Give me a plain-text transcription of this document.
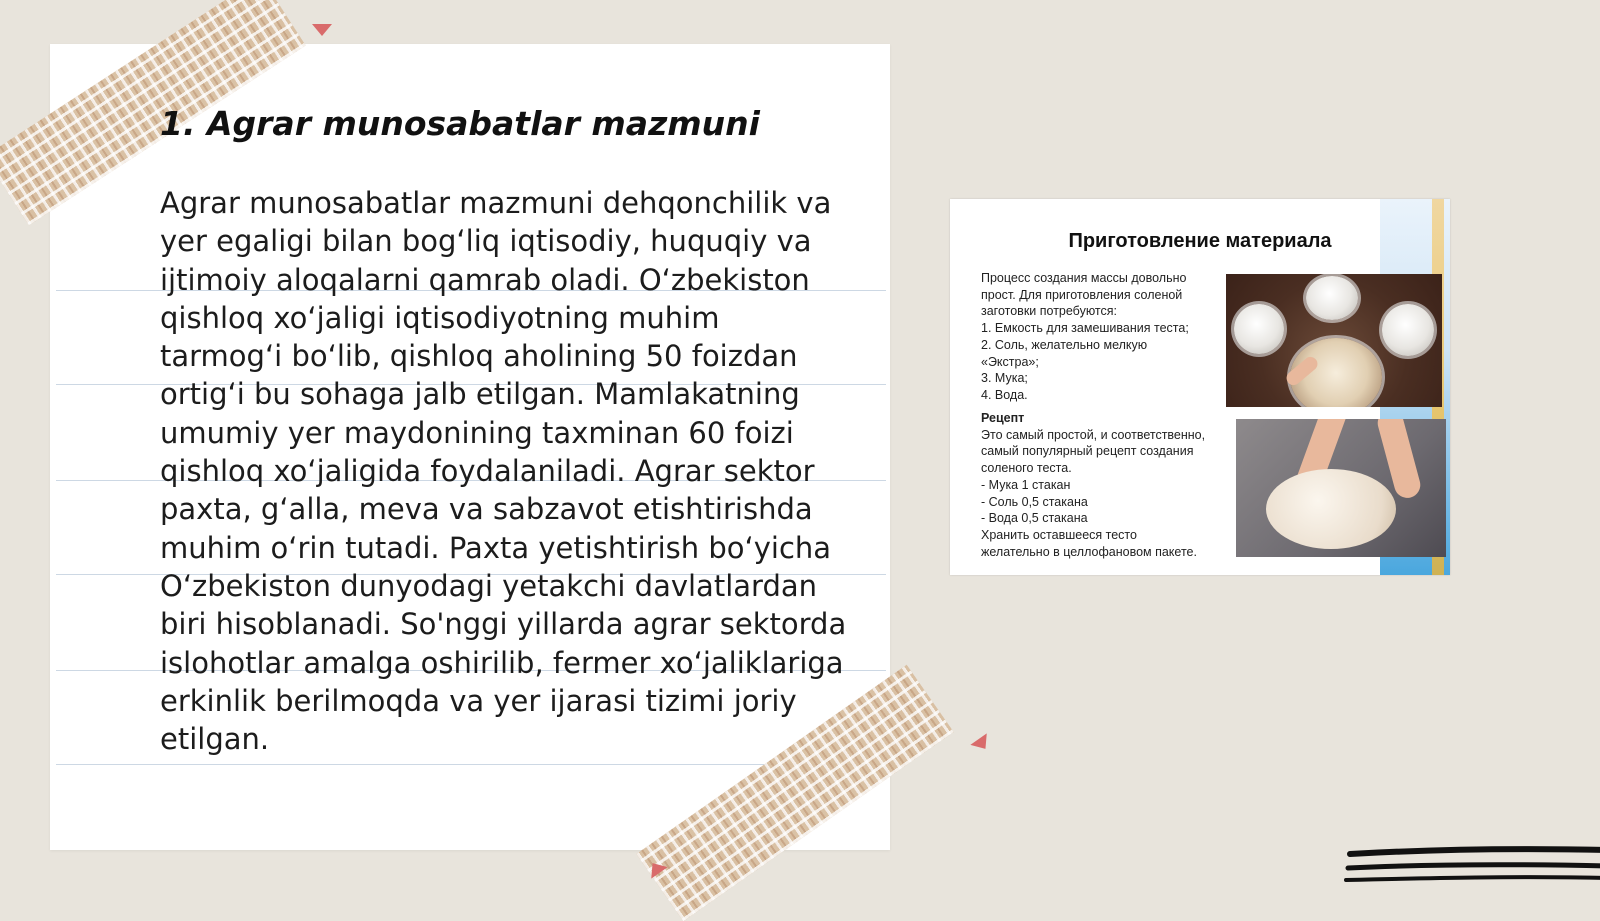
1. Agrar munosabatlar mazmuni

Agrar munosabatlar mazmuni dehqonchilik va yer egaligi bilan bog‘liq iqtisodiy, huquqiy va ijtimoiy aloqalarni qamrab oladi. O‘zbekiston qishloq xo‘jaligi iqtisodiyotning muhim tarmog‘i bo‘lib, qishloq aholining 50 foizdan ortig‘i bu sohaga jalb etilgan. Mamlakatning umumiy yer maydonining taxminan 60 foizi qishloq xo‘jaligida foydalaniladi. Agrar sektor paxta, g‘alla, meva va sabzavot etishtirishda muhim o‘rin tutadi. Paxta yetishtirish bo‘yicha O‘zbekiston dunyodagi yetakchi davlatlardan biri hisoblanadi. So'nggi yillarda agrar sektorda islohotlar amalga oshirilib, fermer xo‘jaliklariga erkinlik berilmoqda va yer ijarasi tizimi joriy etilgan.

Приготовление материала
Процесс создания массы довольно
прост. Для приготовления соленой
заготовки потребуются:
1. Емкость для замешивания теста;
2. Соль, желательно мелкую
«Экстра»;
3. Мука;
4. Вода.
Рецепт
Это самый простой, и соответственно,
самый популярный рецепт создания
соленого теста.
- Мука 1 стакан
- Соль 0,5 стакана
- Вода 0,5 стакана
Хранить оставшееся тесто
желательно в целлофановом пакете.
